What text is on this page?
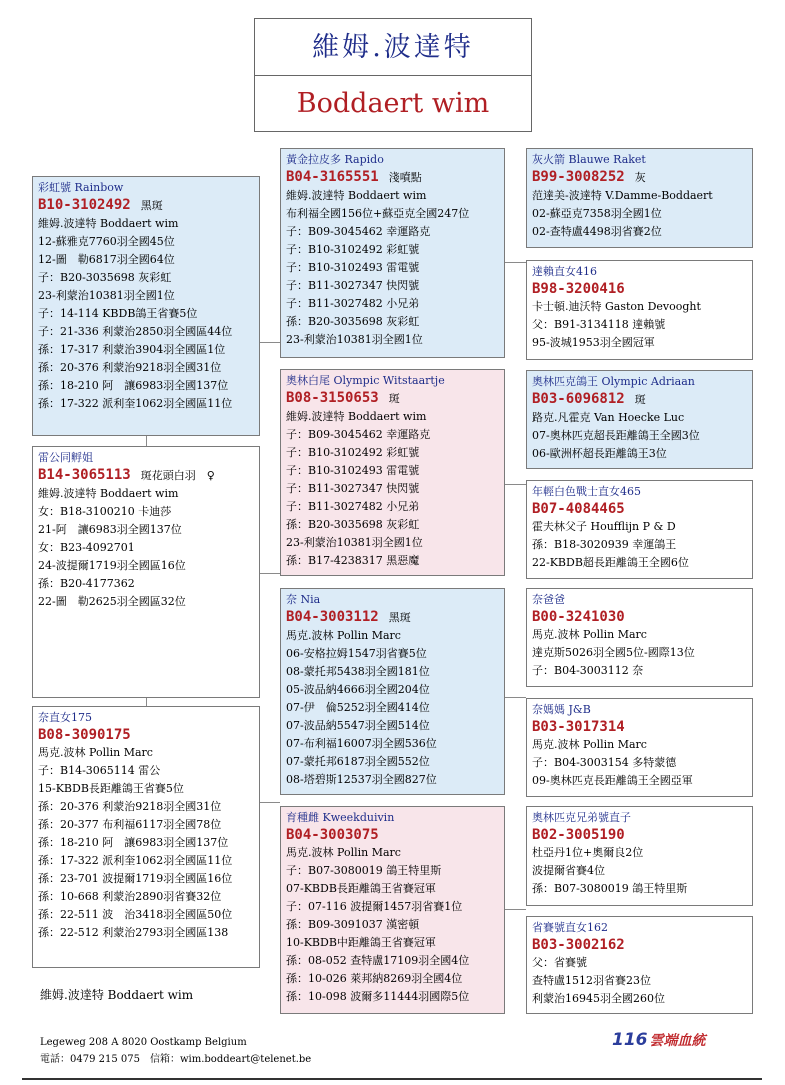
維姆.波達特
Boddaert wim
彩虹號 Rainbow
B10-3102492 黑斑
維姆.波達特 Boddaert wim
12-蘇雅克7760羽全國45位
12-圖　勒6817羽全國64位
子：B20-3035698 灰彩虹
23-利蒙治10381羽全國1位
子：14-114 KBDB鴿王省賽5位
子：21-336 利蒙治2850羽全國區44位
孫：17-317 利蒙治3904羽全國區1位
孫：20-376 利蒙治9218羽全國31位
孫：18-210 阿　讓6983羽全國137位
孫：17-322 派利奎1062羽全國區11位
雷公同孵姐
B14-3065113 斑花頭白羽　♀
維姆.波達特 Boddaert wim
女：B18-3100210 卡迪莎
21-阿　讓6983羽全國137位
女：B23-4092701
24-波提爾1719羽全國區16位
孫：B20-4177362
22-圖　勒2625羽全國區32位
奈直女175
B08-3090175
馬克.波林 Pollin Marc
子：B14-3065114 雷公
15-KBDB長距離鴿王省賽5位
孫：20-376 利蒙治9218羽全國31位
孫：20-377 布利福6117羽全國78位
孫：18-210 阿　讓6983羽全國137位
孫：17-322 派利奎1062羽全國區11位
孫：23-701 波提爾1719羽全國區16位
孫：10-668 利蒙治2890羽省賽32位
孫：22-511 波　治3418羽全國區50位
孫：22-512 利蒙治2793羽全國區138
黃金拉皮多 Rapido
B04-3165551 淺噴點
維姆.波達特 Boddaert wim
布利福全國156位+蘇亞克全國247位
子：B09-3045462 幸運路克
子：B10-3102492 彩虹號
子：B10-3102493 雷電號
子：B11-3027347 快閃號
子：B11-3027482 小兄弟
孫：B20-3035698 灰彩虹
23-利蒙治10381羽全國1位
奧林白尾 Olympic Witstaartje
B08-3150653 斑
維姆.波達特 Boddaert wim
子：B09-3045462 幸運路克
子：B10-3102492 彩虹號
子：B10-3102493 雷電號
子：B11-3027347 快閃號
子：B11-3027482 小兄弟
孫：B20-3035698 灰彩虹
23-利蒙治10381羽全國1位
孫：B17-4238317 黑惡魔
奈 Nia
B04-3003112 黑斑
馬克.波林 Pollin Marc
06-安格拉姆1547羽省賽5位
08-蒙托邦5438羽全國181位
05-波品納4666羽全國204位
07-伊　倫5252羽全國414位
07-波品納5547羽全國514位
07-布利福16007羽全國536位
07-蒙托邦6187羽全國552位
08-塔碧斯12537羽全國827位
育種雌 Kweekduivin
B04-3003075
馬克.波林 Pollin Marc
子：B07-3080019 鴿王特里斯
07-KBDB長距離鴿王省賽冠軍
子：07-116 波提爾1457羽省賽1位
孫：B09-3091037 漢密頓
10-KBDB中距離鴿王省賽冠軍
孫：08-052 查特盧17109羽全國4位
孫：10-026 萊邦納8269羽全國4位
孫：10-098 波爾多11444羽國際5位
灰火箭 Blauwe Raket
B99-3008252 灰
范達美-波達特 V.Damme-Boddaert
02-蘇亞克7358羽全國1位
02-查特盧4498羽省賽2位
達賴直女416
B98-3200416
卡士頓.迪沃特 Gaston Devooght
父：B91-3134118 達賴號
95-波城1953羽全國冠軍
奧林匹克鴿王 Olympic Adriaan
B03-6096812 斑
路克.凡霍克 Van Hoecke Luc
07-奧林匹克超長距離鴿王全國3位
06-歐洲杯超長距離鴿王3位
年輕白色戰士直女465
B07-4084465
霍夫林父子 Houfflijn P & D
孫：B18-3020939 幸運鴿王
22-KBDB超長距離鴿王全國6位
奈爸爸
B00-3241030
馬克.波林 Pollin Marc
達克斯5026羽全國5位-國際13位
子：B04-3003112 奈
奈媽媽 J&B
B03-3017314
馬克.波林 Pollin Marc
子：B04-3003154 多特蒙德
09-奧林匹克長距離鴿王全國亞軍
奧林匹克兄弟號直子
B02-3005190
杜亞丹1位+奧爾良2位
波提爾省賽4位
孫：B07-3080019 鴿王特里斯
省賽號直女162
B03-3002162
父：省賽號
查特盧1512羽省賽23位
利蒙治16945羽全國260位
維姆.波達特 Boddaert wim
Legeweg 208 A 8020 Oostkamp Belgium
電話：0479 215 075　信箱：wim.boddeart@telenet.be
116 雲端血統
